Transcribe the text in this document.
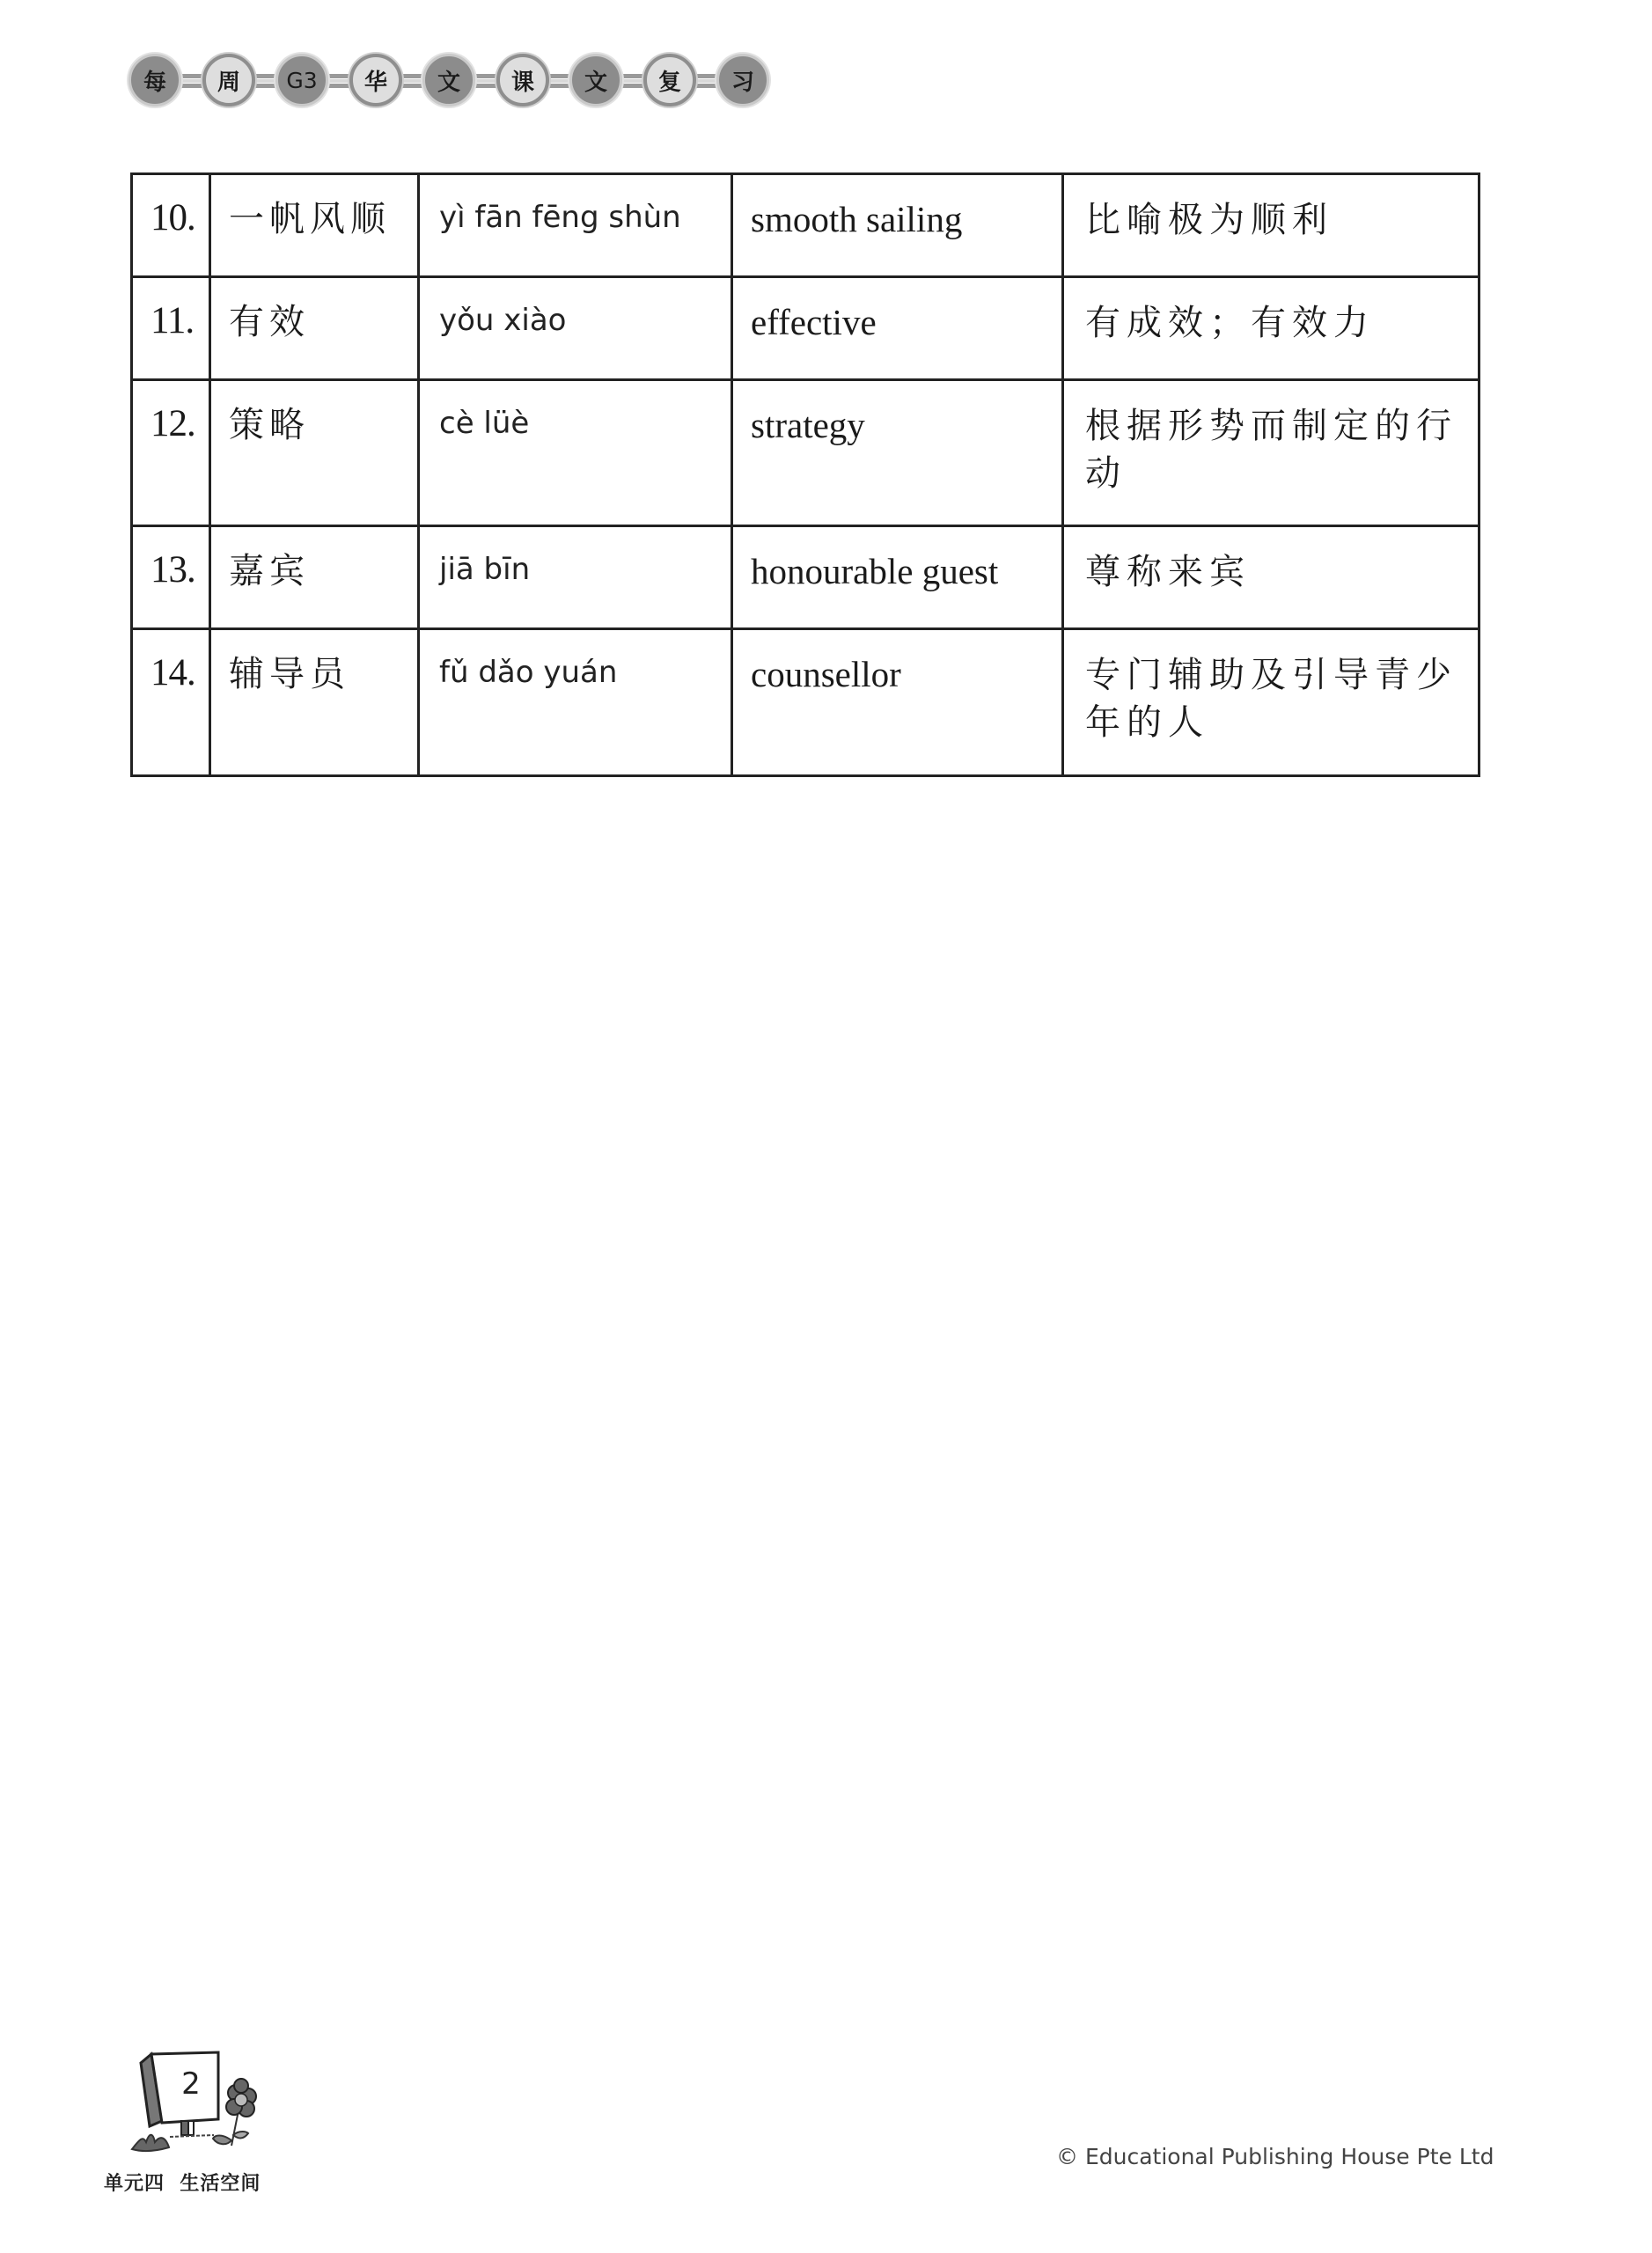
每	周	G3	华	文	课	文	复	习
10.	一帆风顺	yì fān fēng shùn	smooth sailing	比喻极为顺利

11.	有效	yǒu xiào	effective	有成效；有效力

12.	策略	cè lüè	strategy	根据形势而制定的行动

13.	嘉宾	jiā bīn	honourable guest	尊称来宾

14.	辅导员	fǔ dǎo yuán	counsellor	专门辅助及引导青少年的人
2
单元四  生活空间
© Educational Publishing House Pte Ltd
